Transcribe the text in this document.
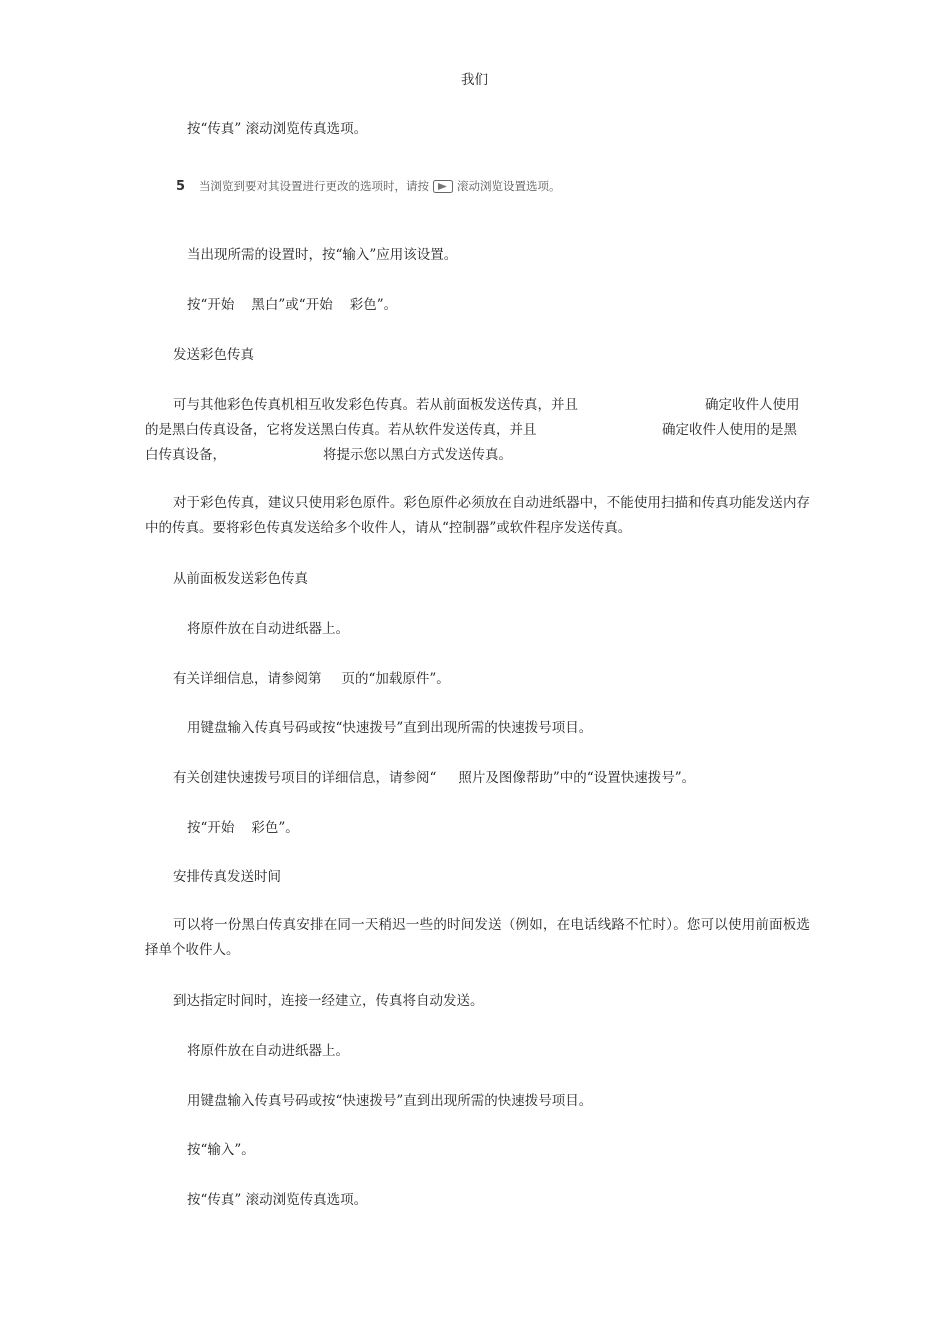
我们
按“传真” 滚动浏览传真选项。
5 当浏览到要对其设置进行更改的选项时，请按 滚动浏览设置选项。
当出现所需的设置时，按“输入”应用该设置。
按“开始 黑白”或“开始 彩色”。
发送彩色传真
可与其他彩色传真机相互收发彩色传真。若从前面板发送传真，并且	确定收件人使用
的是黑白传真设备，它将发送黑白传真。若从软件发送传真，并且	确定收件人使用的是黑
白传真设备，	将提示您以黑白方式发送传真。
对于彩色传真，建议只使用彩色原件。彩色原件必须放在自动进纸器中，不能使用扫描和传真功能发送内存中的传真。要将彩色传真发送给多个收件人，请从“控制器”或软件程序发送传真。
从前面板发送彩色传真
将原件放在自动进纸器上。
有关详细信息，请参阅第 页的“加载原件”。
用键盘输入传真号码或按“快速拨号”直到出现所需的快速拨号项目。
有关创建快速拨号项目的详细信息，请参阅“ 照片及图像帮助”中的“设置快速拨号”。
按“开始 彩色”。
安排传真发送时间
可以将一份黑白传真安排在同一天稍迟一些的时间发送（例如，在电话线路不忙时）。您可以使用前面板选择单个收件人。
到达指定时间时，连接一经建立，传真将自动发送。
将原件放在自动进纸器上。
用键盘输入传真号码或按“快速拨号”直到出现所需的快速拨号项目。
按“输入”。
按“传真” 滚动浏览传真选项。
